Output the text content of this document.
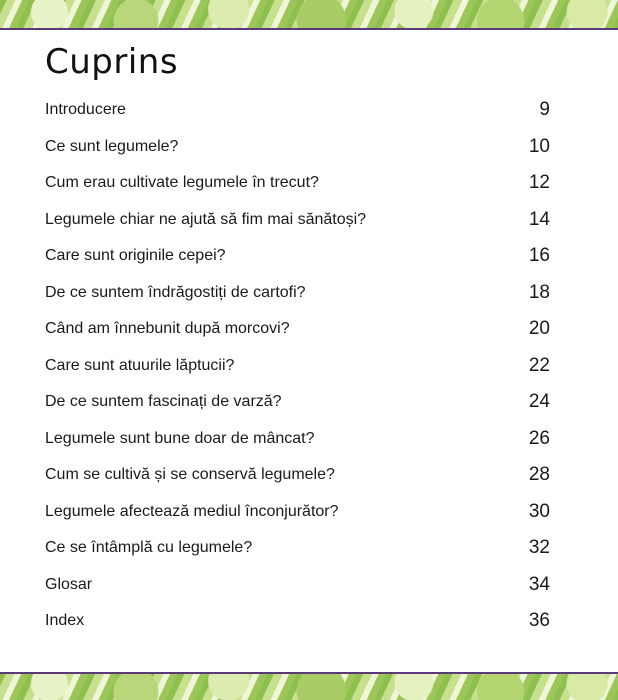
Cuprins
Introducere	9
Ce sunt legumele?	10
Cum erau cultivate legumele în trecut?	12
Legumele chiar ne ajută să fim mai sănătoși?	14
Care sunt originile cepei?	16
De ce suntem îndrăgostiți de cartofi?	18
Când am înnebunit după morcovi?	20
Care sunt atuurile lăptucii?	22
De ce suntem fascinați de varză?	24
Legumele sunt bune doar de mâncat?	26
Cum se cultivă și se conservă legumele?	28
Legumele afectează mediul înconjurător?	30
Ce se întâmplă cu legumele?	32
Glosar	34
Index	36
